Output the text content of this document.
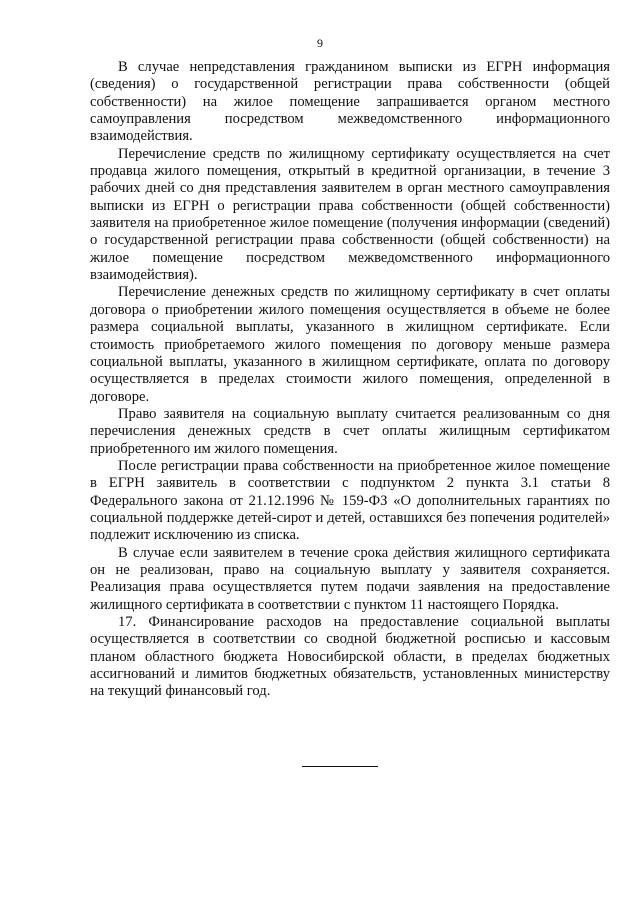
9

В случае непредставления гражданином выписки из ЕГРН информация (сведения) о государственной регистрации права собственности (общей собственности) на жилое помещение запрашивается органом местного самоуправления посредством межведомственного информационного взаимодействия.

Перечисление средств по жилищному сертификату осуществляется на счет продавца жилого помещения, открытый в кредитной организации, в течение 3 рабочих дней со дня представления заявителем в орган местного самоуправления выписки из ЕГРН о регистрации права собственности (общей собственности) заявителя на приобретенное жилое помещение (получения информации (сведений) о государственной регистрации права собственности (общей собственности) на жилое помещение посредством межведомственного информационного взаимодействия).

Перечисление денежных средств по жилищному сертификату в счет оплаты договора о приобретении жилого помещения осуществляется в объеме не более размера социальной выплаты, указанного в жилищном сертификате. Если стоимость приобретаемого жилого помещения по договору меньше размера социальной выплаты, указанного в жилищном сертификате, оплата по договору осуществляется в пределах стоимости жилого помещения, определенной в договоре.

Право заявителя на социальную выплату считается реализованным со дня перечисления денежных средств в счет оплаты жилищным сертификатом приобретенного им жилого помещения.

После регистрации права собственности на приобретенное жилое помещение в ЕГРН заявитель в соответствии с подпунктом 2 пункта 3.1 статьи 8 Федерального закона от 21.12.1996 № 159-ФЗ «О дополнительных гарантиях по социальной поддержке детей-сирот и детей, оставшихся без попечения родителей» подлежит исключению из списка.

В случае если заявителем в течение срока действия жилищного сертификата он не реализован, право на социальную выплату у заявителя сохраняется. Реализация права осуществляется путем подачи заявления на предоставление жилищного сертификата в соответствии с пунктом 11 настоящего Порядка.

17. Финансирование расходов на предоставление социальной выплаты осуществляется в соответствии со сводной бюджетной росписью и кассовым планом областного бюджета Новосибирской области, в пределах бюджетных ассигнований и лимитов бюджетных обязательств, установленных министерству на текущий финансовый год.
